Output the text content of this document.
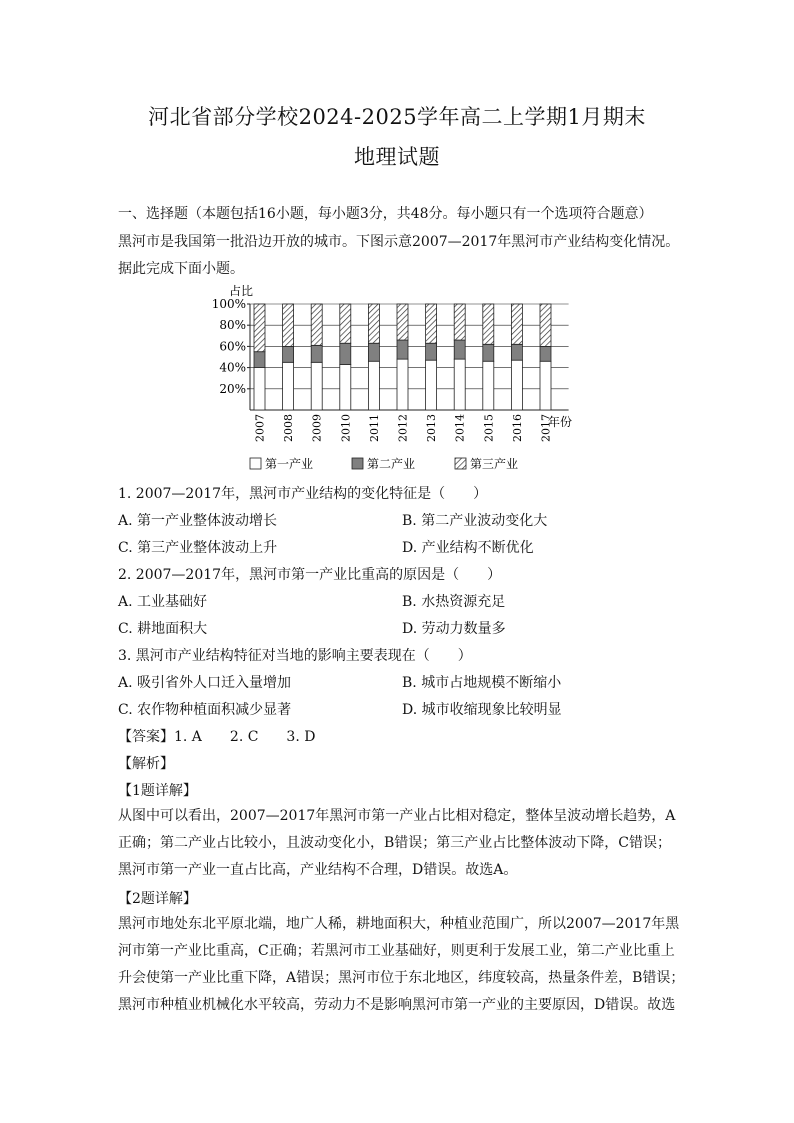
河北省部分学校2024-2025学年高二上学期1月期末
地理试题
一、选择题（本题包括16小题，每小题3分，共48分。每小题只有一个选项符合题意）
黑河市是我国第一批沿边开放的城市。下图示意2007—2017年黑河市产业结构变化情况。
据此完成下面小题。
占比
年份
20%
40%
60%
80%
100%
2007 2008 2009 2010 2011 2012 2013 2014 2015 2016 2017
第一产业	第二产业	第三产业
1. 2007—2017年，黑河市产业结构的变化特征是（　　）
A. 第一产业整体波动增长	B. 第二产业波动变化大
C. 第三产业整体波动上升	D. 产业结构不断优化
2. 2007—2017年，黑河市第一产业比重高的原因是（　　）
A. 工业基础好	B. 水热资源充足
C. 耕地面积大	D. 劳动力数量多
3. 黑河市产业结构特征对当地的影响主要表现在（　　）
A. 吸引省外人口迁入量增加	B. 城市占地规模不断缩小
C. 农作物种植面积减少显著	D. 城市收缩现象比较明显
【答案】1. A　　2. C　　3. D
【解析】
【1题详解】
从图中可以看出，2007—2017年黑河市第一产业占比相对稳定，整体呈波动增长趋势，A
正确；第二产业占比较小，且波动变化小，B错误；第三产业占比整体波动下降，C错误；
黑河市第一产业一直占比高，产业结构不合理，D错误。故选A。
【2题详解】
黑河市地处东北平原北端，地广人稀，耕地面积大，种植业范围广，所以2007—2017年黑
河市第一产业比重高，C正确；若黑河市工业基础好，则更利于发展工业，第二产业比重上
升会使第一产业比重下降，A错误；黑河市位于东北地区，纬度较高，热量条件差，B错误；
黑河市种植业机械化水平较高，劳动力不是影响黑河市第一产业的主要原因，D错误。故选
